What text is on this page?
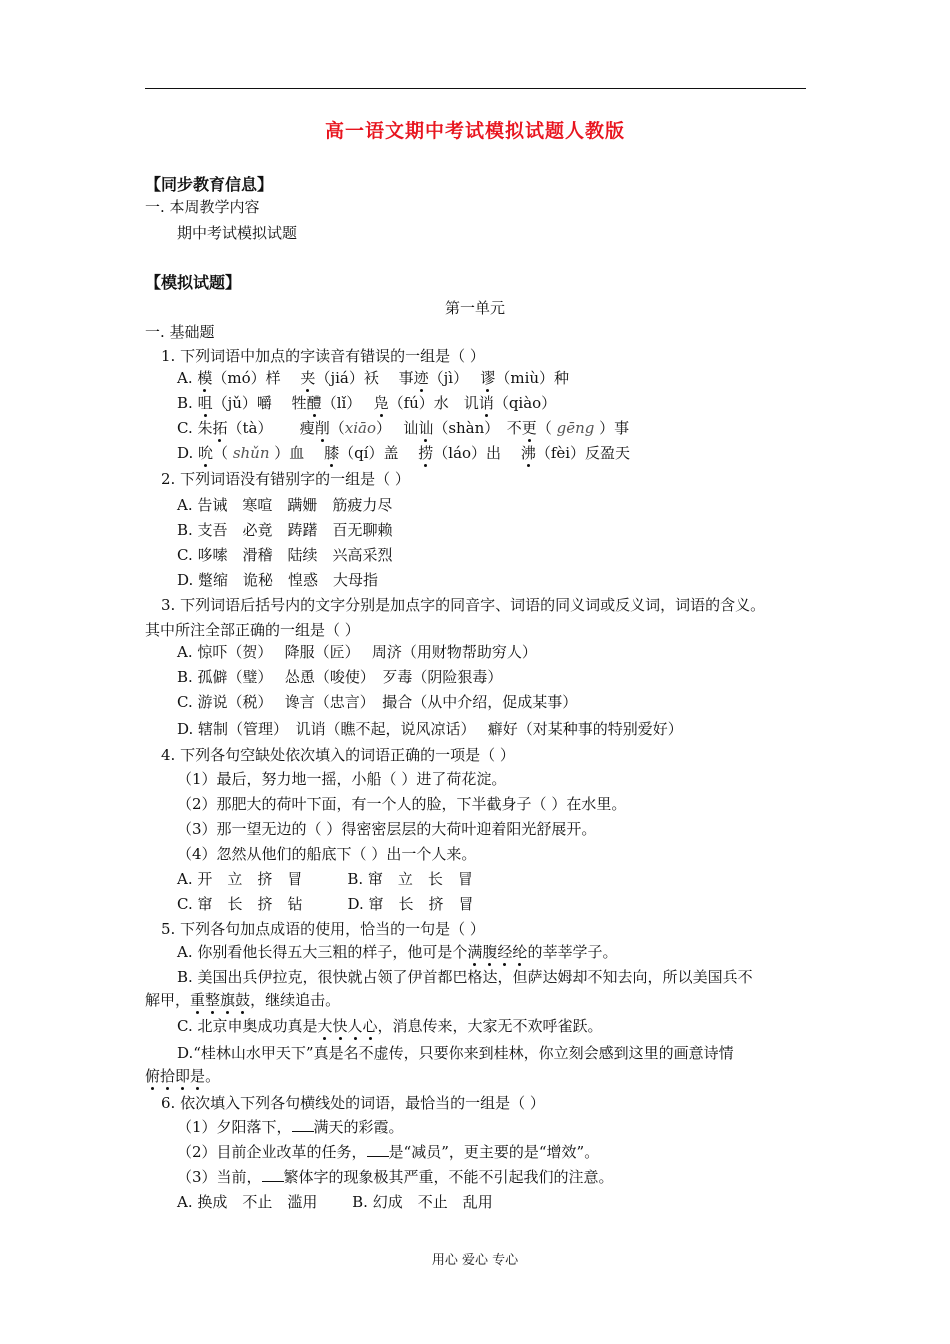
高一语文期中考试模拟试题人教版
【同步教育信息】
一. 本周教学内容
期中考试模拟试题
【模拟试题】
第一单元
一. 基础题
1. 下列词语中加点的字读音有错误的一组是（ ）
A. 模（mó）样　 夹（jiá）袄　 事迹（jì）　 谬（miù）种
B. 咀（jǔ）嚼　 牲醴（lǐ）　 凫（fú）水　讥诮（qiào）
C. 朱拓（tà）　　 瘦削（xiāo）　 讪讪（shàn）　不更（ gēng ）事
D. 吮（ shǔn ）血　 膝（qí）盖　 捞（láo）出　 沸（fèi）反盈天
2. 下列词语没有错别字的一组是（ ）
A. 告诫　寒喧　蹒姗　筋疲力尽
B. 支吾　必竟　踌躇　百无聊赖
C. 哆嗦　滑稽　陆续　兴高采烈
D. 蹩缩　诡秘　惶惑　大母指
3. 下列词语后括号内的文字分别是加点字的同音字、词语的同义词或反义词，词语的含义。
其中所注全部正确的一组是（ ）
A. 惊吓（贺）　 降服（匠）　 周济（用财物帮助穷人）
B. 孤僻（璧）　 怂恿（唆使）　歹毒（阴险狠毒）
C. 游说（税）　 谗言（忠言）　撮合（从中介绍，促成某事）
D. 辖制（管理）　讥诮（瞧不起，说风凉话）　 癖好（对某种事的特别爱好）
4. 下列各句空缺处依次填入的词语正确的一项是（ ）
（1）最后，努力地一摇，小船（ ）进了荷花淀。
（2）那肥大的荷叶下面，有一个人的脸，下半截身子（ ）在水里。
（3）那一望无边的（ ）得密密层层的大荷叶迎着阳光舒展开。
（4）忽然从他们的船底下（ ）出一个人来。
A. 开　立　挤　冒　　　B. 窜　立　长　冒
C. 窜　长　挤　钻　　　D. 窜　长　挤　冒
5. 下列各句加点成语的使用，恰当的一句是（ ）
A. 你别看他长得五大三粗的样子，他可是个满腹经纶的莘莘学子。
B. 美国出兵伊拉克，很快就占领了伊首都巴格达，但萨达姆却不知去向，所以美国兵不
解甲，重整旗鼓，继续追击。
C. 北京申奥成功真是大快人心，消息传来，大家无不欢呼雀跃。
D.“桂林山水甲天下”真是名不虚传，只要你来到桂林，你立刻会感到这里的画意诗情
俯拾即是。
6. 依次填入下列各句横线处的词语，最恰当的一组是（ ）
（1）夕阳落下， 满天的彩霞。
（2）目前企业改革的任务， 是“减员”，更主要的是“增效”。
（3）当前， 繁体字的现象极其严重，不能不引起我们的注意。
A. 换成　不止　滥用　　 B. 幻成　不止　乱用
用心 爱心 专心
